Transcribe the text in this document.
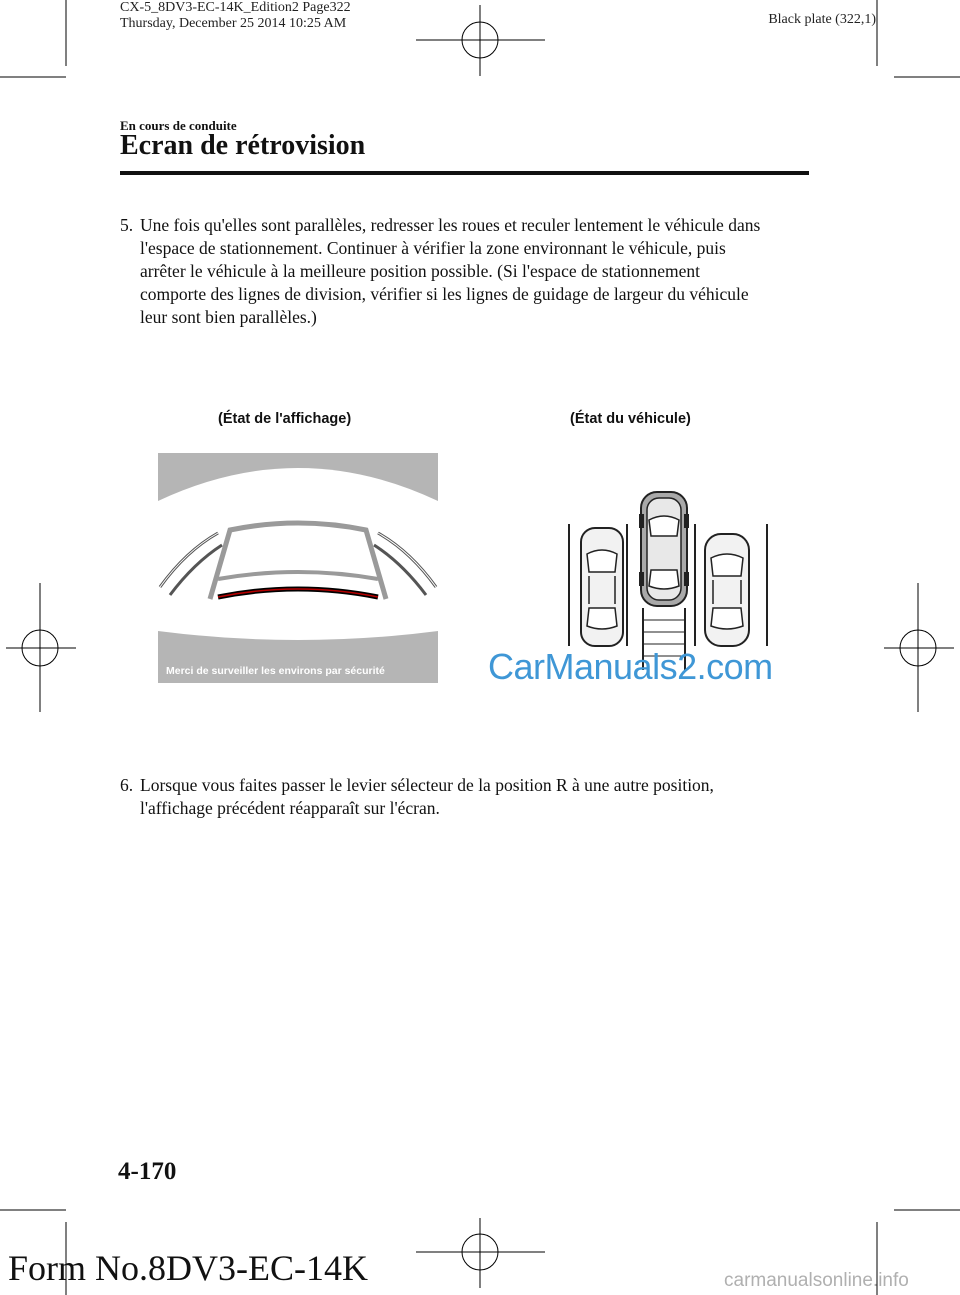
CX-5_8DV3-EC-14K_Edition2 Page322
Thursday, December 25 2014 10:25 AM	Black plate (322,1)
En cours de conduite
Ecran de rétrovision
5. Une fois qu'elles sont parallèles, redresser les roues et reculer lentement le véhicule dans
l'espace de stationnement. Continuer à vérifier la zone environnant le véhicule, puis
arrêter le véhicule à la meilleure position possible. (Si l'espace de stationnement
comporte des lignes de division, vérifier si les lignes de guidage de largeur du véhicule
leur sont bien parallèles.)
(État de l'affichage)	(État du véhicule)
Merci de surveiller les environs par sécurité	CarManuals2.com
6. Lorsque vous faites passer le levier sélecteur de la position R à une autre position,
l'affichage précédent réapparaît sur l'écran.
4-170
Form No.8DV3-EC-14K	carmanualsonline.info
